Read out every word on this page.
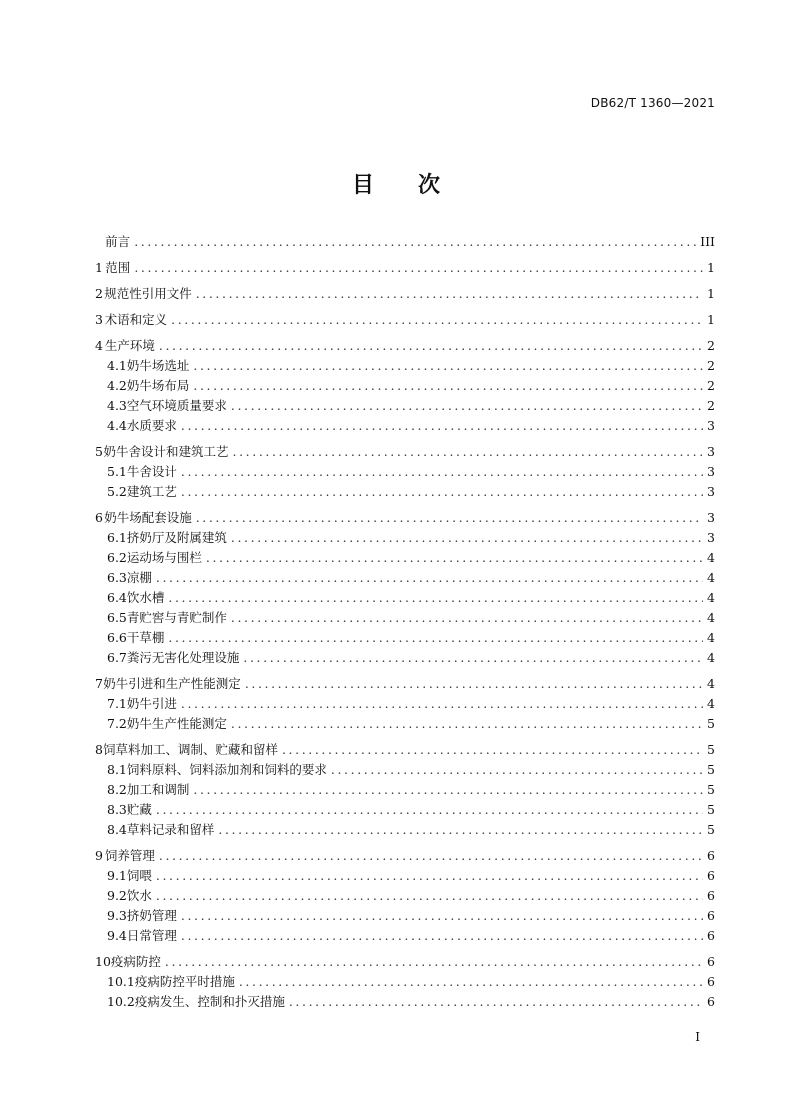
DB62/T 1360—2021
目 次
前言 .....	III
1 范围 .....	1
2 规范性引用文件 .....	1
3 术语和定义 .....	1
4 生产环境 .....	2
4.1 奶牛场选址 .....	2
4.2 奶牛场布局 .....	2
4.3 空气环境质量要求 .....	2
4.4 水质要求 .....	3
5 奶牛舍设计和建筑工艺 .....	3
5.1 牛舍设计 .....	3
5.2 建筑工艺 .....	3
6 奶牛场配套设施 .....	3
6.1 挤奶厅及附属建筑 .....	3
6.2 运动场与围栏 .....	4
6.3 凉棚 .....	4
6.4 饮水槽 .....	4
6.5 青贮窖与青贮制作 .....	4
6.6 干草棚 .....	4
6.7 粪污无害化处理设施 .....	4
7 奶牛引进和生产性能测定 .....	4
7.1 奶牛引进 .....	4
7.2 奶牛生产性能测定 .....	5
8 饲草料加工、调制、贮藏和留样 .....	5
8.1 饲料原料、饲料添加剂和饲料的要求 .....	5
8.2 加工和调制 .....	5
8.3 贮藏 .....	5
8.4 草料记录和留样 .....	5
9 饲养管理 .....	6
9.1 饲喂 .....	6
9.2 饮水 .....	6
9.3 挤奶管理 .....	6
9.4 日常管理 .....	6
10 疫病防控 .....	6
10.1 疫病防控平时措施 .....	6
10.2 疫病发生、控制和扑灭措施 .....	6
I
